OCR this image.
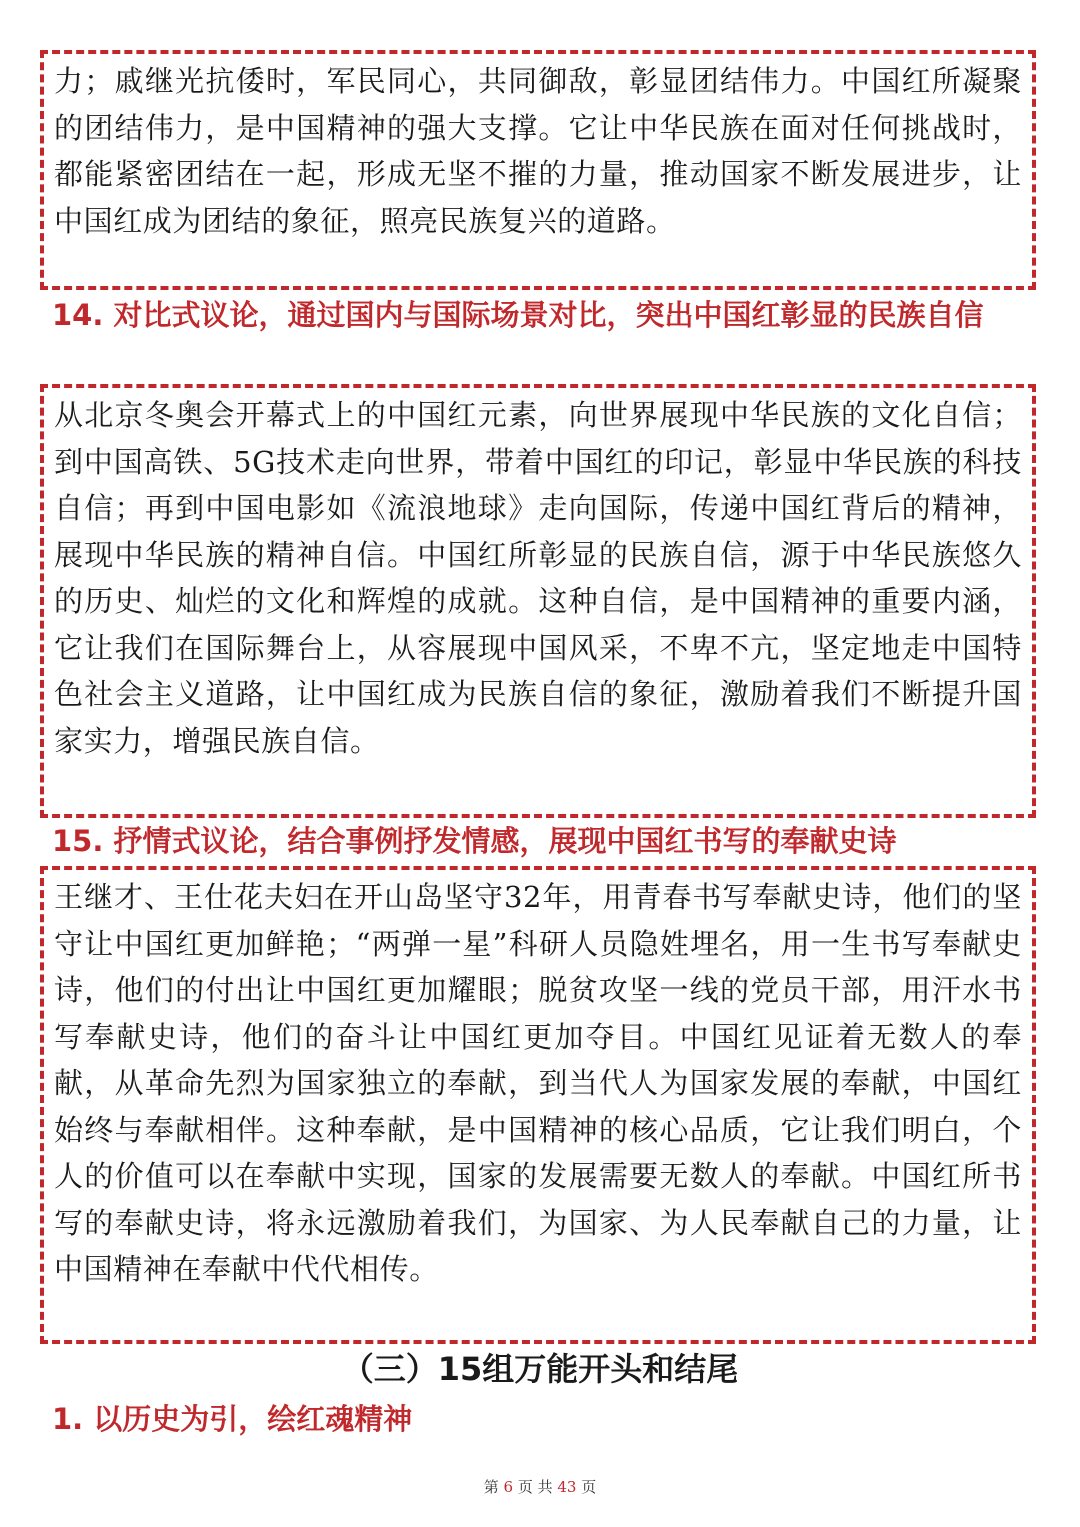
力；戚继光抗倭时，军民同心，共同御敌，彰显团结伟力。中国红所凝聚的团结伟力，是中国精神的强大支撑。它让中华民族在面对任何挑战时，都能紧密团结在一起，形成无坚不摧的力量，推动国家不断发展进步，让中国红成为团结的象征，照亮民族复兴的道路。

14. 对比式议论，通过国内与国际场景对比，突出中国红彰显的民族自信

从北京冬奥会开幕式上的中国红元素，向世界展现中华民族的文化自信；到中国高铁、5G技术走向世界，带着中国红的印记，彰显中华民族的科技自信；再到中国电影如《流浪地球》走向国际，传递中国红背后的精神，展现中华民族的精神自信。中国红所彰显的民族自信，源于中华民族悠久的历史、灿烂的文化和辉煌的成就。这种自信，是中国精神的重要内涵，它让我们在国际舞台上，从容展现中国风采，不卑不亢，坚定地走中国特色社会主义道路，让中国红成为民族自信的象征，激励着我们不断提升国家实力，增强民族自信。

15. 抒情式议论，结合事例抒发情感，展现中国红书写的奉献史诗

王继才、王仕花夫妇在开山岛坚守32年，用青春书写奉献史诗，他们的坚守让中国红更加鲜艳；“两弹一星”科研人员隐姓埋名，用一生书写奉献史诗，他们的付出让中国红更加耀眼；脱贫攻坚一线的党员干部，用汗水书写奉献史诗，他们的奋斗让中国红更加夺目。中国红见证着无数人的奉献，从革命先烈为国家独立的奉献，到当代人为国家发展的奉献，中国红始终与奉献相伴。这种奉献，是中国精神的核心品质，它让我们明白，个人的价值可以在奉献中实现，国家的发展需要无数人的奉献。中国红所书写的奉献史诗，将永远激励着我们，为国家、为人民奉献自己的力量，让中国精神在奉献中代代相传。

（三）15组万能开头和结尾
1. 以历史为引，绘红魂精神
第 6 页 共 43 页
